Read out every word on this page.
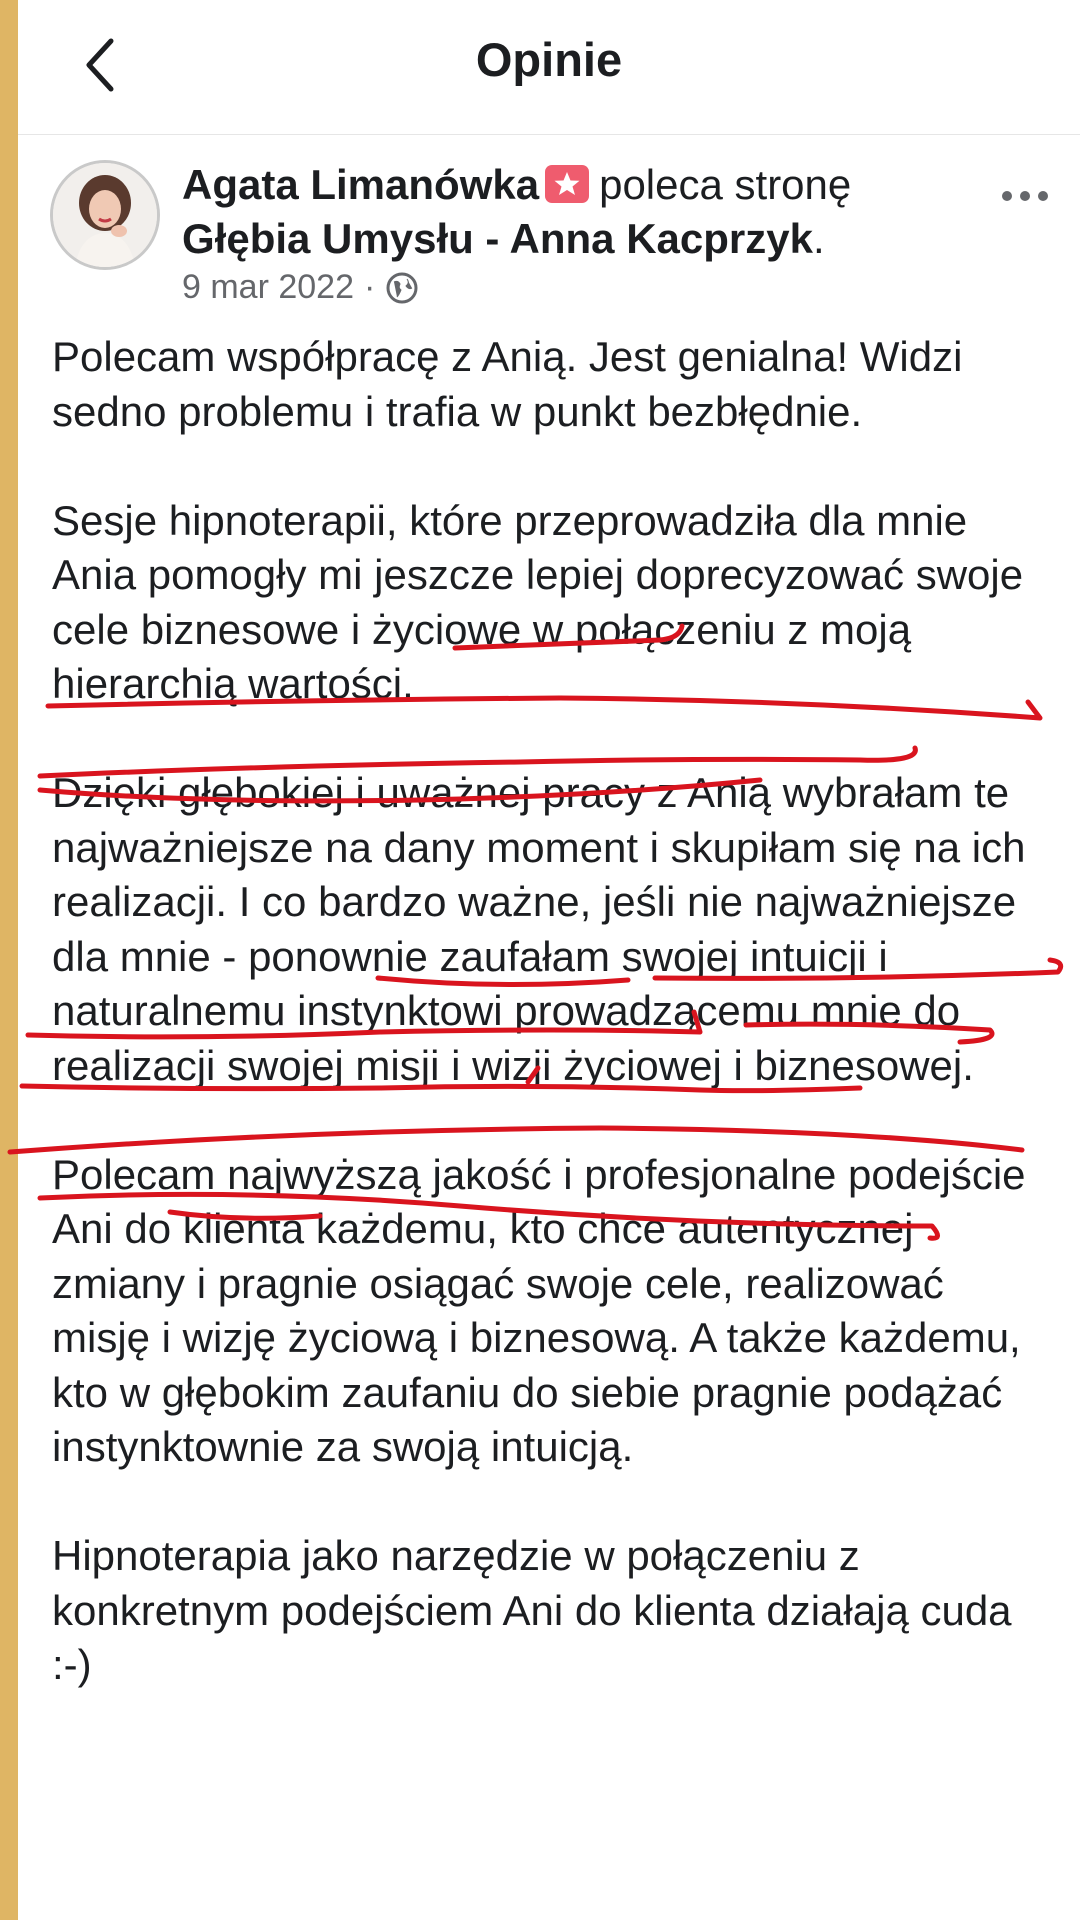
Opinie
Agata Limanówka poleca stronę
Głębia Umysłu - Anna Kacprzyk.
9 mar 2022 ·

Polecam współpracę z Anią. Jest genialna! Widzi sedno problemu i trafia w punkt bezbłędnie.

Sesje hipnoterapii, które przeprowadziła dla mnie Ania pomogły mi jeszcze lepiej doprecyzować swoje cele biznesowe i życiowe w połączeniu z moją hierarchią wartości.

Dzięki głębokiej i uważnej pracy z Anią wybrałam te najważniejsze na dany moment i skupiłam się na ich realizacji. I co bardzo ważne, jeśli nie najważniejsze dla mnie - ponownie zaufałam swojej intuicji i naturalnemu instynktowi prowadzącemu mnie do realizacji swojej misji i wizji życiowej i biznesowej.

Polecam najwyższą jakość i profesjonalne podejście Ani do klienta każdemu, kto chce autentycznej zmiany i pragnie osiągać swoje cele, realizować misję i wizję życiową i biznesową. A także każdemu, kto w głębokim zaufaniu do siebie pragnie podążać instynktownie za swoją intuicją.

Hipnoterapia jako narzędzie w połączeniu z konkretnym podejściem Ani do klienta działają cuda :-)
